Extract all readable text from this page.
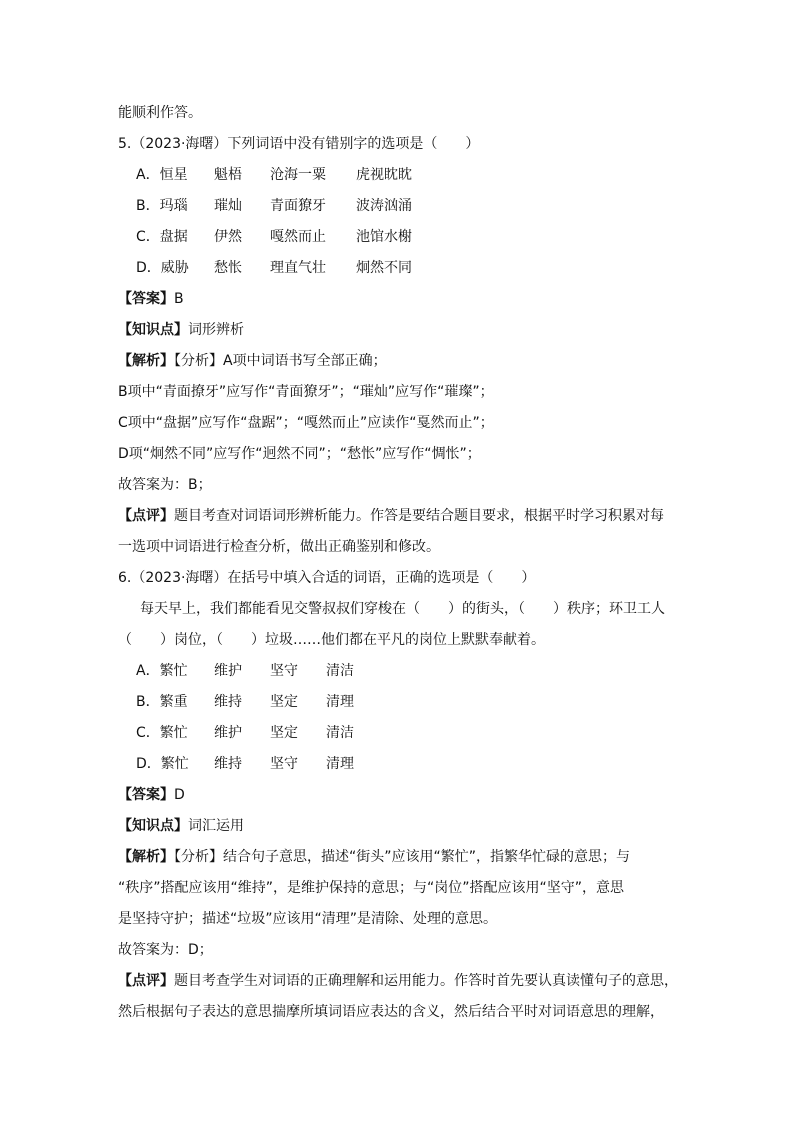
能顺利作答。
5.（2023·海曙）下列词语中没有错别字的选项是（　　）
A．恒星 魁梧 沧海一粟 虎视眈眈
B．玛瑙 璀灿 青面獠牙 波涛汹涌
C．盘据 伊然 嘎然而止 池馆水榭
D．威胁 愁怅 理直气壮 炯然不同
【答案】B
【知识点】词形辨析
【解析】【分析】A项中词语书写全部正确；
B项中“青面撩牙”应写作“青面獠牙”；“璀灿”应写作“璀璨”；
C项中“盘据”应写作“盘踞”；“嘎然而止”应读作“戛然而止”；
D项“炯然不同”应写作“迥然不同”；“愁怅”应写作“惆怅”；
故答案为：B；
【点评】题目考查对词语词形辨析能力。作答是要结合题目要求，根据平时学习积累对每
一选项中词语进行检查分析，做出正确鉴别和修改。
6.（2023·海曙）在括号中填入合适的词语，正确的选项是（　　）
每天早上，我们都能看见交警叔叔们穿梭在（　　）的街头，（　　）秩序；环卫工人
（　　）岗位，（　　）垃圾……他们都在平凡的岗位上默默奉献着。
A．繁忙 维护 坚守 清洁
B．繁重 维持 坚定 清理
C．繁忙 维护 坚定 清洁
D．繁忙 维持 坚守 清理
【答案】D
【知识点】词汇运用
【解析】【分析】结合句子意思，描述“街头”应该用“繁忙”，指繁华忙碌的意思；与
“秩序”搭配应该用“维持”，是维护保持的意思；与“岗位”搭配应该用“坚守”，意思
是坚持守护；描述“垃圾”应该用“清理”是清除、处理的意思。
故答案为：D；
【点评】题目考查学生对词语的正确理解和运用能力。作答时首先要认真读懂句子的意思，
然后根据句子表达的意思揣摩所填词语应表达的含义，然后结合平时对词语意思的理解，
